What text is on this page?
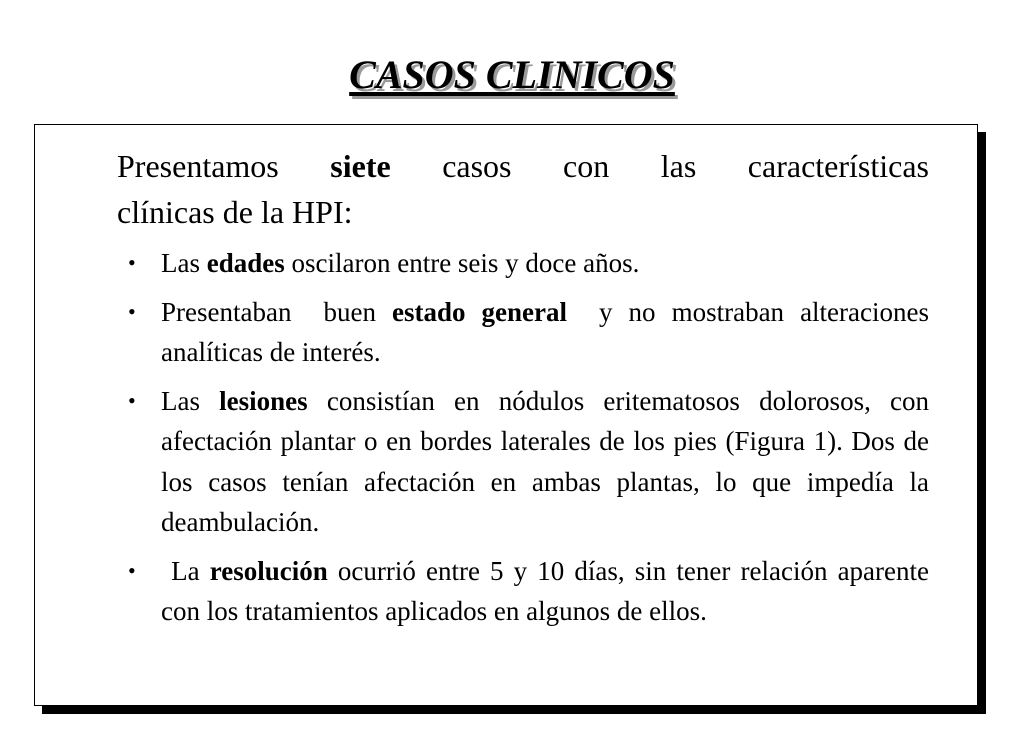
CASOS CLINICOS

Presentamos siete casos con las características
clínicas de la HPI:

• Las edades oscilaron entre seis y doce años.
• Presentaban  buen estado general  y no mostraban alteraciones analíticas de interés.
• Las lesiones consistían en nódulos eritematosos dolorosos, con afectación plantar o en bordes laterales de los pies (Figura 1). Dos de los casos tenían afectación en ambas plantas, lo que impedía la deambulación.
• La resolución ocurrió entre 5 y 10 días, sin tener relación aparente con los tratamientos aplicados en algunos de ellos.
